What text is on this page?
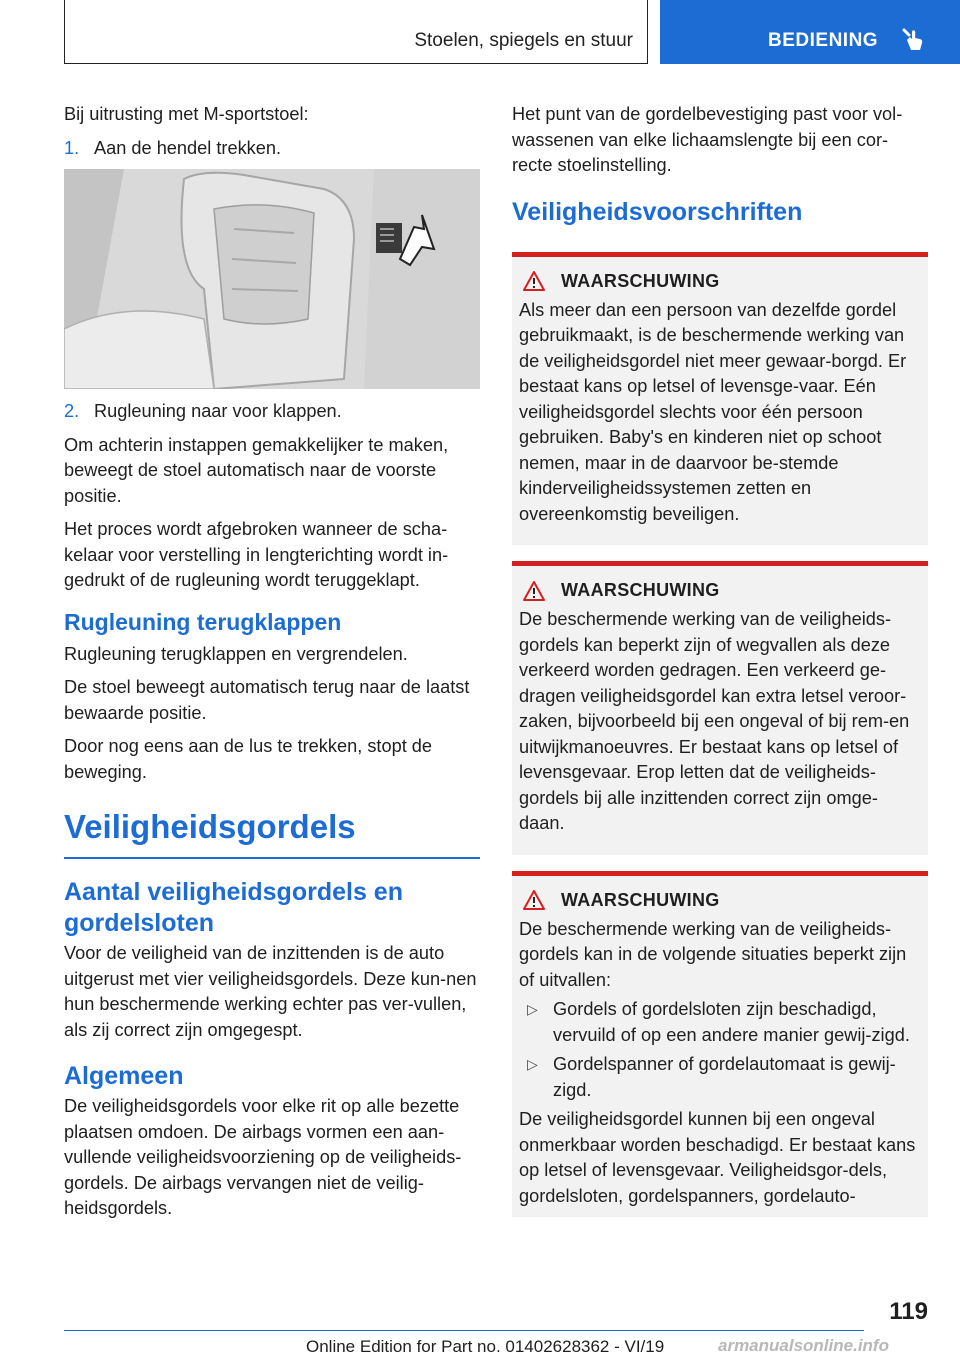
Stoelen, spiegels en stuur	BEDIENING

Bij uitrusting met M-sportstoel:

1. Aan de hendel trekken.
2. Rugleuning naar voor klappen.

Om achterin instappen gemakkelijker te maken, beweegt de stoel automatisch naar de voorste positie.

Het proces wordt afgebroken wanneer de scha-kelaar voor verstelling in lengterichting wordt in-gedrukt of de rugleuning wordt teruggeklapt.

Rugleuning terugklappen

Rugleuning terugklappen en vergrendelen.

De stoel beweegt automatisch terug naar de laatst bewaarde positie.

Door nog eens aan de lus te trekken, stopt de beweging.

Veiligheidsgordels
Aantal veiligheidsgordels en gordelsloten

Voor de veiligheid van de inzittenden is de auto uitgerust met vier veiligheidsgordels. Deze kun-nen hun beschermende werking echter pas ver-vullen, als zij correct zijn omgegespt.

Algemeen

De veiligheidsgordels voor elke rit op alle bezette plaatsen omdoen. De airbags vormen een aan-vullende veiligheidsvoorziening op de veiligheids-gordels. De airbags vervangen niet de veilig-heidsgordels.

Het punt van de gordelbevestiging past voor vol-wassenen van elke lichaamslengte bij een cor-recte stoelinstelling.

Veiligheidsvoorschriften
WAARSCHUWING

Als meer dan een persoon van dezelfde gordel gebruikmaakt, is de beschermende werking van de veiligheidsgordel niet meer gewaar-borgd. Er bestaat kans op letsel of levensge-vaar. Eén veiligheidsgordel slechts voor één persoon gebruiken. Baby's en kinderen niet op schoot nemen, maar in de daarvoor be-stemde kinderveiligheidssystemen zetten en overeenkomstig beveiligen.

WAARSCHUWING

De beschermende werking van de veiligheids-gordels kan beperkt zijn of wegvallen als deze verkeerd worden gedragen. Een verkeerd ge-dragen veiligheidsgordel kan extra letsel veroor-zaken, bijvoorbeeld bij een ongeval of bij rem-en uitwijkmanoeuvres. Er bestaat kans op letsel of levensgevaar. Erop letten dat de veiligheids-gordels bij alle inzittenden correct zijn omge-daan.

WAARSCHUWING

De beschermende werking van de veiligheids-gordels kan in de volgende situaties beperkt zijn of uitvallen:

▷ Gordels of gordelsloten zijn beschadigd, vervuild of op een andere manier gewij-zigd.
▷ Gordelspanner of gordelautomaat is gewij-zigd.

De veiligheidsgordel kunnen bij een ongeval onmerkbaar worden beschadigd. Er bestaat kans op letsel of levensgevaar. Veiligheidsgor-dels, gordelsloten, gordelspanners, gordelauto-

119
Online Edition for Part no. 01402628362 - VI/19	armanualsonline.info
